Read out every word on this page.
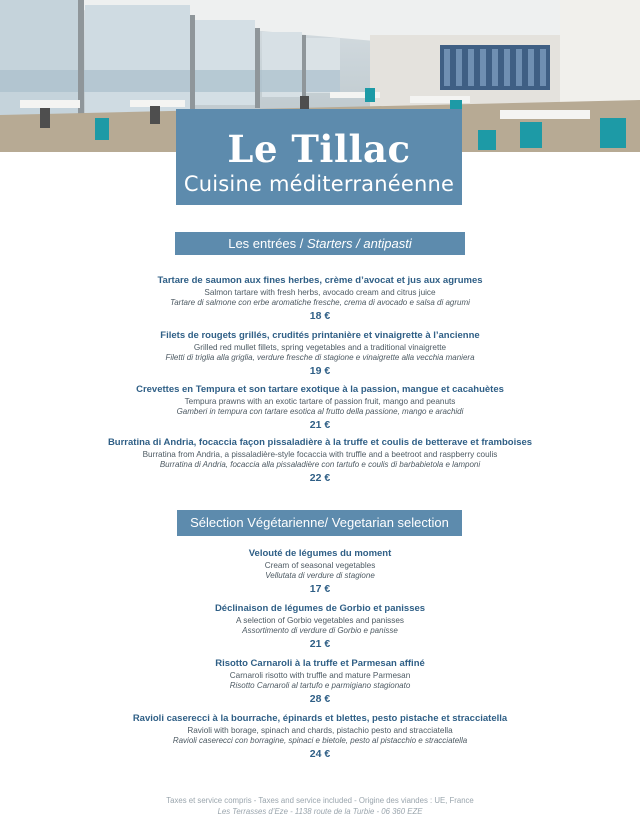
Le Tillac
Cuisine méditerranéenne
Les entrées / Starters / antipasti
Tartare de saumon aux fines herbes, crème d’avocat et jus aux agrumes
Salmon tartare with fresh herbs, avocado cream and citrus juice
Tartare di salmone con erbe aromatiche fresche, crema di avocado e salsa di agrumi
18 €
Filets de rougets grillés, crudités printanière et vinaigrette à l’ancienne
Grilled red mullet fillets, spring vegetables and a traditional vinaigrette
Filetti di triglia alla griglia, verdure fresche di stagione e vinaigrette alla vecchia maniera
19 €
Crevettes en Tempura et son tartare exotique à la passion, mangue et cacahuètes
Tempura prawns with an exotic tartare of passion fruit, mango and peanuts
Gamberi in tempura con tartare esotica al frutto della passione, mango e arachidi
21 €
Burratina di Andria, focaccia façon pissaladière à la truffe et coulis de betterave et framboises
Burratina from Andria, a pissaladière-style focaccia with truffle and a beetroot and raspberry coulis
Burratina di Andria, focaccia alla pissaladière con tartufo e coulis di barbabietola e lamponi
22 €
Sélection Végétarienne/ Vegetarian selection
Velouté de légumes du moment
Cream of seasonal vegetables
Vellutata di verdure di stagione
17 €
Déclinaison de légumes de Gorbio et panisses
A selection of Gorbio vegetables and panisses
Assortimento di verdure di Gorbio e panisse
21 €
Risotto Carnaroli à la truffe et Parmesan affiné
Carnaroli risotto with truffle and mature Parmesan
Risotto Carnaroli al tartufo e parmigiano stagionato
28 €
Ravioli caserecci à la bourrache, épinards et blettes, pesto pistache et stracciatella
Ravioli with borage, spinach and chards, pistachio pesto and stracciatella
Ravioli caserecci con borragine, spinaci e bietole, pesto al pistacchio e stracciatella
24 €
Taxes et service compris - Taxes and service included - Origine des viandes : UE, France
Les Terrasses d’Eze - 1138 route de la Turbie - 06 360 EZE
